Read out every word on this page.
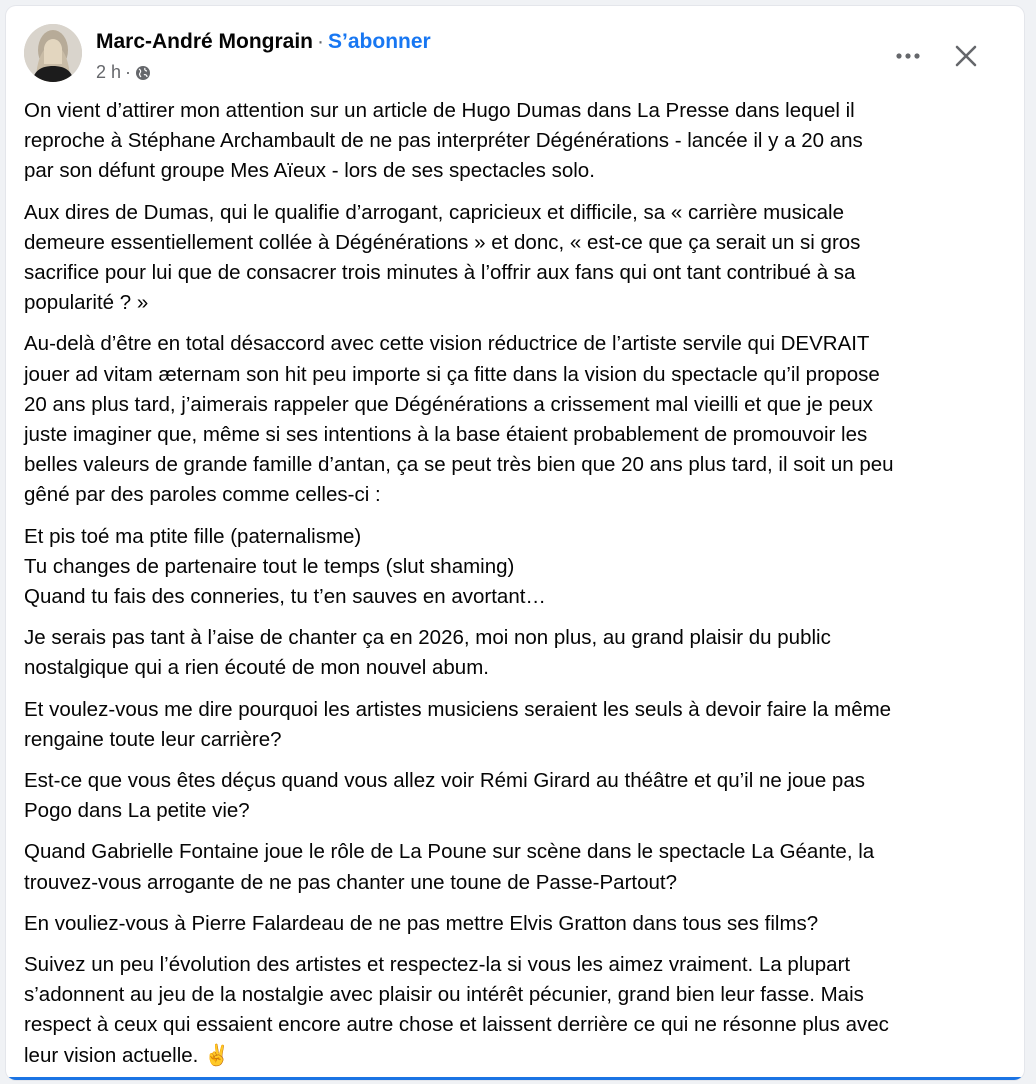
Marc-André Mongrain · S’abonner
2 h ·
On vient d’attirer mon attention sur un article de Hugo Dumas dans La Presse dans lequel il
reproche à Stéphane Archambault de ne pas interpréter Dégénérations - lancée il y a 20 ans
par son défunt groupe Mes Aïeux - lors de ses spectacles solo.
Aux dires de Dumas, qui le qualifie d’arrogant, capricieux et difficile, sa « carrière musicale
demeure essentiellement collée à Dégénérations » et donc, « est-ce que ça serait un si gros
sacrifice pour lui que de consacrer trois minutes à l’offrir aux fans qui ont tant contribué à sa
popularité ? »
Au-delà d’être en total désaccord avec cette vision réductrice de l’artiste servile qui DEVRAIT
jouer ad vitam æternam son hit peu importe si ça fitte dans la vision du spectacle qu’il propose
20 ans plus tard, j’aimerais rappeler que Dégénérations a crissement mal vieilli et que je peux
juste imaginer que, même si ses intentions à la base étaient probablement de promouvoir les
belles valeurs de grande famille d’antan, ça se peut très bien que 20 ans plus tard, il soit un peu
gêné par des paroles comme celles-ci :
Et pis toé ma ptite fille (paternalisme)
Tu changes de partenaire tout le temps (slut shaming)
Quand tu fais des conneries, tu t’en sauves en avortant…
Je serais pas tant à l’aise de chanter ça en 2026, moi non plus, au grand plaisir du public
nostalgique qui a rien écouté de mon nouvel abum.
Et voulez-vous me dire pourquoi les artistes musiciens seraient les seuls à devoir faire la même
rengaine toute leur carrière?
Est-ce que vous êtes déçus quand vous allez voir Rémi Girard au théâtre et qu’il ne joue pas
Pogo dans La petite vie?
Quand Gabrielle Fontaine joue le rôle de La Poune sur scène dans le spectacle La Géante, la
trouvez-vous arrogante de ne pas chanter une toune de Passe-Partout?
En vouliez-vous à Pierre Falardeau de ne pas mettre Elvis Gratton dans tous ses films?
Suivez un peu l’évolution des artistes et respectez-la si vous les aimez vraiment. La plupart
s’adonnent au jeu de la nostalgie avec plaisir ou intérêt pécunier, grand bien leur fasse. Mais
respect à ceux qui essaient encore autre chose et laissent derrière ce qui ne résonne plus avec
leur vision actuelle. ✌️
